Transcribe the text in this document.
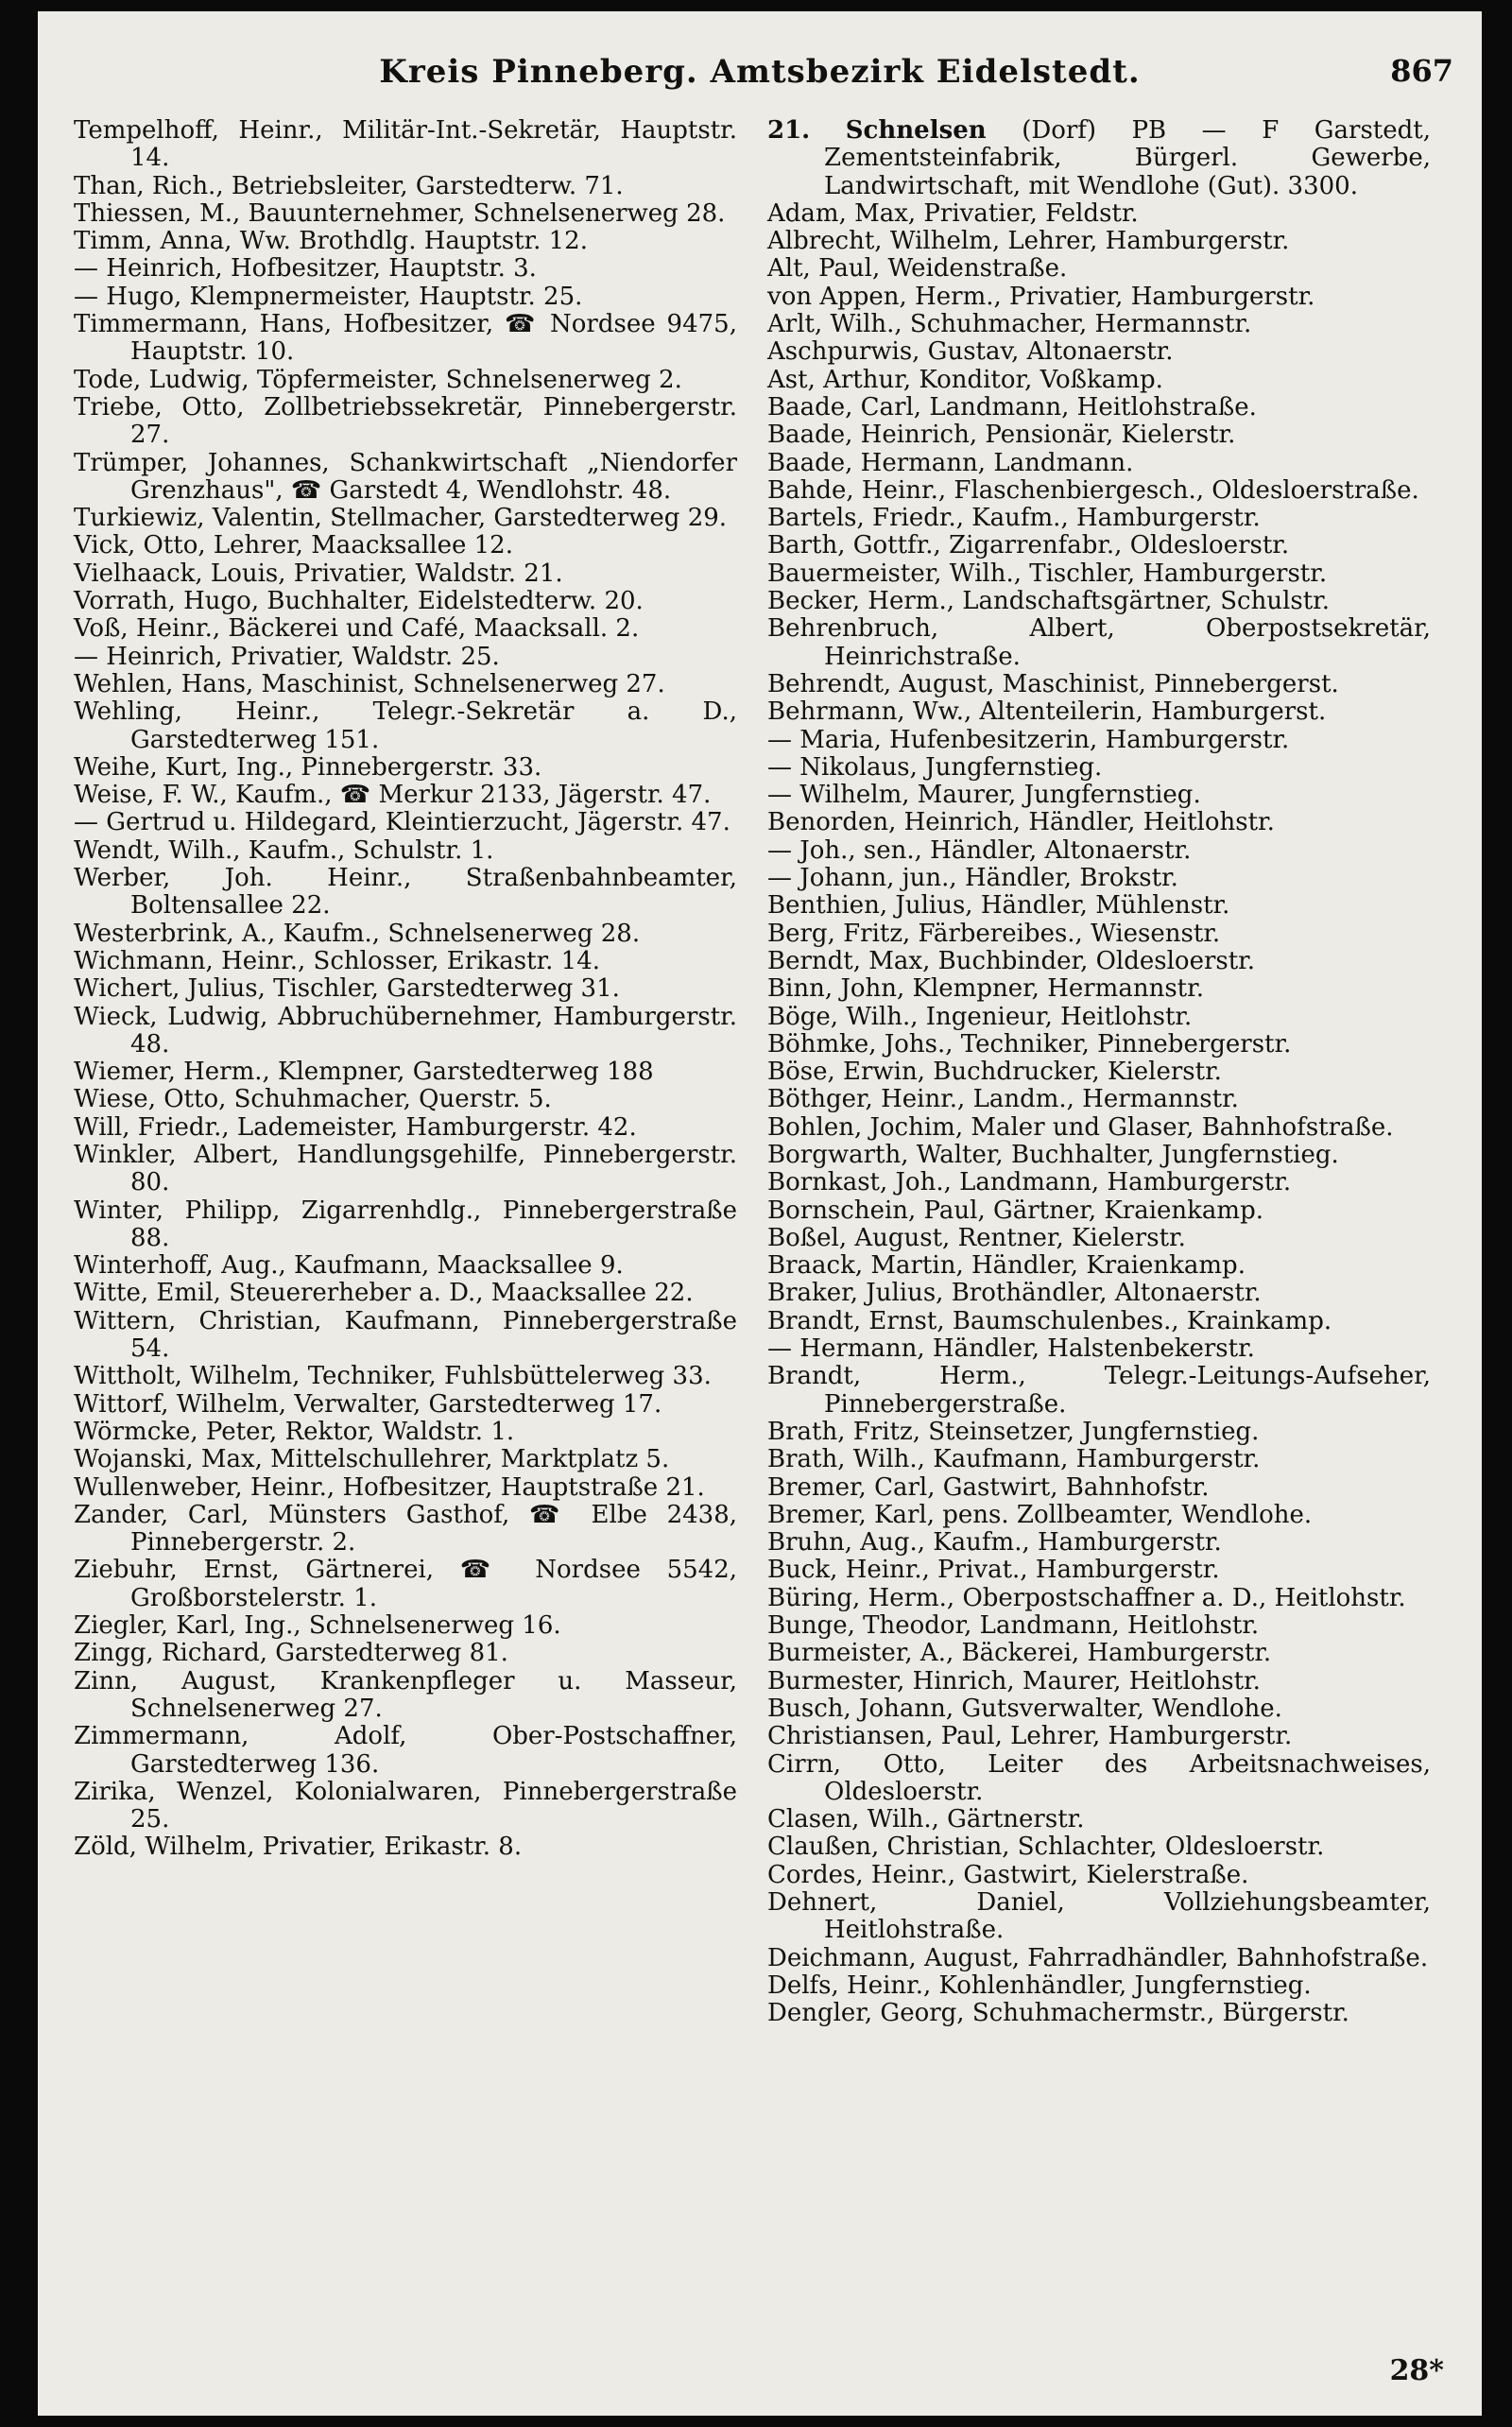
Kreis Pinneberg. Amtsbezirk Eidelstedt.	867

Tempelhoff, Heinr., Militär-Int.-Sekretär, Hauptstr. 14.

Than, Rich., Betriebsleiter, Garstedterw. 71.

Thiessen, M., Bauunternehmer, Schnelsenerweg 28.

Timm, Anna, Ww. Brothdlg. Hauptstr. 12.

— Heinrich, Hofbesitzer, Hauptstr. 3.

— Hugo, Klempnermeister, Hauptstr. 25.

Timmermann, Hans, Hofbesitzer, ☎ Nordsee 9475, Hauptstr. 10.

Tode, Ludwig, Töpfermeister, Schnelsenerweg 2.

Triebe, Otto, Zollbetriebssekretär, Pinnebergerstr. 27.

Trümper, Johannes, Schankwirtschaft „Niendorfer Grenzhaus", ☎ Garstedt 4, Wendlohstr. 48.

Turkiewiz, Valentin, Stellmacher, Garstedterweg 29.

Vick, Otto, Lehrer, Maacksallee 12.

Vielhaack, Louis, Privatier, Waldstr. 21.

Vorrath, Hugo, Buchhalter, Eidelstedterw. 20.

Voß, Heinr., Bäckerei und Café, Maacksall. 2.

— Heinrich, Privatier, Waldstr. 25.

Wehlen, Hans, Maschinist, Schnelsenerweg 27.

Wehling, Heinr., Telegr.-Sekretär a. D., Garstedterweg 151.

Weihe, Kurt, Ing., Pinnebergerstr. 33.

Weise, F. W., Kaufm., ☎ Merkur 2133, Jägerstr. 47.

— Gertrud u. Hildegard, Kleintierzucht, Jägerstr. 47.

Wendt, Wilh., Kaufm., Schulstr. 1.

Werber, Joh. Heinr., Straßenbahnbeamter, Boltensallee 22.

Westerbrink, A., Kaufm., Schnelsenerweg 28.

Wichmann, Heinr., Schlosser, Erikastr. 14.

Wichert, Julius, Tischler, Garstedterweg 31.

Wieck, Ludwig, Abbruchübernehmer, Hamburgerstr. 48.

Wiemer, Herm., Klempner, Garstedterweg 188

Wiese, Otto, Schuhmacher, Querstr. 5.

Will, Friedr., Lademeister, Hamburgerstr. 42.

Winkler, Albert, Handlungsgehilfe, Pinnebergerstr. 80.

Winter, Philipp, Zigarrenhdlg., Pinnebergerstraße 88.

Winterhoff, Aug., Kaufmann, Maacksallee 9.

Witte, Emil, Steuererheber a. D., Maacksallee 22.

Wittern, Christian, Kaufmann, Pinnebergerstraße 54.

Wittholt, Wilhelm, Techniker, Fuhlsbüttelerweg 33.

Wittorf, Wilhelm, Verwalter, Garstedterweg 17.

Wörmcke, Peter, Rektor, Waldstr. 1.

Wojanski, Max, Mittelschullehrer, Marktplatz 5.

Wullenweber, Heinr., Hofbesitzer, Hauptstraße 21.

Zander, Carl, Münsters Gasthof, ☎ Elbe 2438, Pinnebergerstr. 2.

Ziebuhr, Ernst, Gärtnerei, ☎ Nordsee 5542, Großborstelerstr. 1.

Ziegler, Karl, Ing., Schnelsenerweg 16.

Zingg, Richard, Garstedterweg 81.

Zinn, August, Krankenpfleger u. Masseur, Schnelsenerweg 27.

Zimmermann, Adolf, Ober-Postschaffner, Garstedterweg 136.

Zirika, Wenzel, Kolonialwaren, Pinnebergerstraße 25.

Zöld, Wilhelm, Privatier, Erikastr. 8.

21. Schnelsen (Dorf) PB — F Garstedt, Zementsteinfabrik, Bürgerl. Gewerbe, Landwirtschaft, mit Wendlohe (Gut). 3300.

Adam, Max, Privatier, Feldstr.

Albrecht, Wilhelm, Lehrer, Hamburgerstr.

Alt, Paul, Weidenstraße.

von Appen, Herm., Privatier, Hamburgerstr.

Arlt, Wilh., Schuhmacher, Hermannstr.

Aschpurwis, Gustav, Altonaerstr.

Ast, Arthur, Konditor, Voßkamp.

Baade, Carl, Landmann, Heitlohstraße.

Baade, Heinrich, Pensionär, Kielerstr.

Baade, Hermann, Landmann.

Bahde, Heinr., Flaschenbiergesch., Oldesloerstraße.

Bartels, Friedr., Kaufm., Hamburgerstr.

Barth, Gottfr., Zigarrenfabr., Oldesloerstr.

Bauermeister, Wilh., Tischler, Hamburgerstr.

Becker, Herm., Landschaftsgärtner, Schulstr.

Behrenbruch, Albert, Oberpostsekretär, Heinrichstraße.

Behrendt, August, Maschinist, Pinnebergerst.

Behrmann, Ww., Altenteilerin, Hamburgerst.

— Maria, Hufenbesitzerin, Hamburgerstr.

— Nikolaus, Jungfernstieg.

— Wilhelm, Maurer, Jungfernstieg.

Benorden, Heinrich, Händler, Heitlohstr.

— Joh., sen., Händler, Altonaerstr.

— Johann, jun., Händler, Brokstr.

Benthien, Julius, Händler, Mühlenstr.

Berg, Fritz, Färbereibes., Wiesenstr.

Berndt, Max, Buchbinder, Oldesloerstr.

Binn, John, Klempner, Hermannstr.

Böge, Wilh., Ingenieur, Heitlohstr.

Böhmke, Johs., Techniker, Pinnebergerstr.

Böse, Erwin, Buchdrucker, Kielerstr.

Böthger, Heinr., Landm., Hermannstr.

Bohlen, Jochim, Maler und Glaser, Bahnhofstraße.

Borgwarth, Walter, Buchhalter, Jungfernstieg.

Bornkast, Joh., Landmann, Hamburgerstr.

Bornschein, Paul, Gärtner, Kraienkamp.

Boßel, August, Rentner, Kielerstr.

Braack, Martin, Händler, Kraienkamp.

Braker, Julius, Brothändler, Altonaerstr.

Brandt, Ernst, Baumschulenbes., Krainkamp.

— Hermann, Händler, Halstenbekerstr.

Brandt, Herm., Telegr.-Leitungs-Aufseher, Pinnebergerstraße.

Brath, Fritz, Steinsetzer, Jungfernstieg.

Brath, Wilh., Kaufmann, Hamburgerstr.

Bremer, Carl, Gastwirt, Bahnhofstr.

Bremer, Karl, pens. Zollbeamter, Wendlohe.

Bruhn, Aug., Kaufm., Hamburgerstr.

Buck, Heinr., Privat., Hamburgerstr.

Büring, Herm., Oberpostschaffner a. D., Heitlohstr.

Bunge, Theodor, Landmann, Heitlohstr.

Burmeister, A., Bäckerei, Hamburgerstr.

Burmester, Hinrich, Maurer, Heitlohstr.

Busch, Johann, Gutsverwalter, Wendlohe.

Christiansen, Paul, Lehrer, Hamburgerstr.

Cirrn, Otto, Leiter des Arbeitsnachweises, Oldesloerstr.

Clasen, Wilh., Gärtnerstr.

Claußen, Christian, Schlachter, Oldesloerstr.

Cordes, Heinr., Gastwirt, Kielerstraße.

Dehnert, Daniel, Vollziehungsbeamter, Heitlohstraße.

Deichmann, August, Fahrradhändler, Bahnhofstraße.

Delfs, Heinr., Kohlenhändler, Jungfernstieg.

Dengler, Georg, Schuhmachermstr., Bürgerstr.

28*
